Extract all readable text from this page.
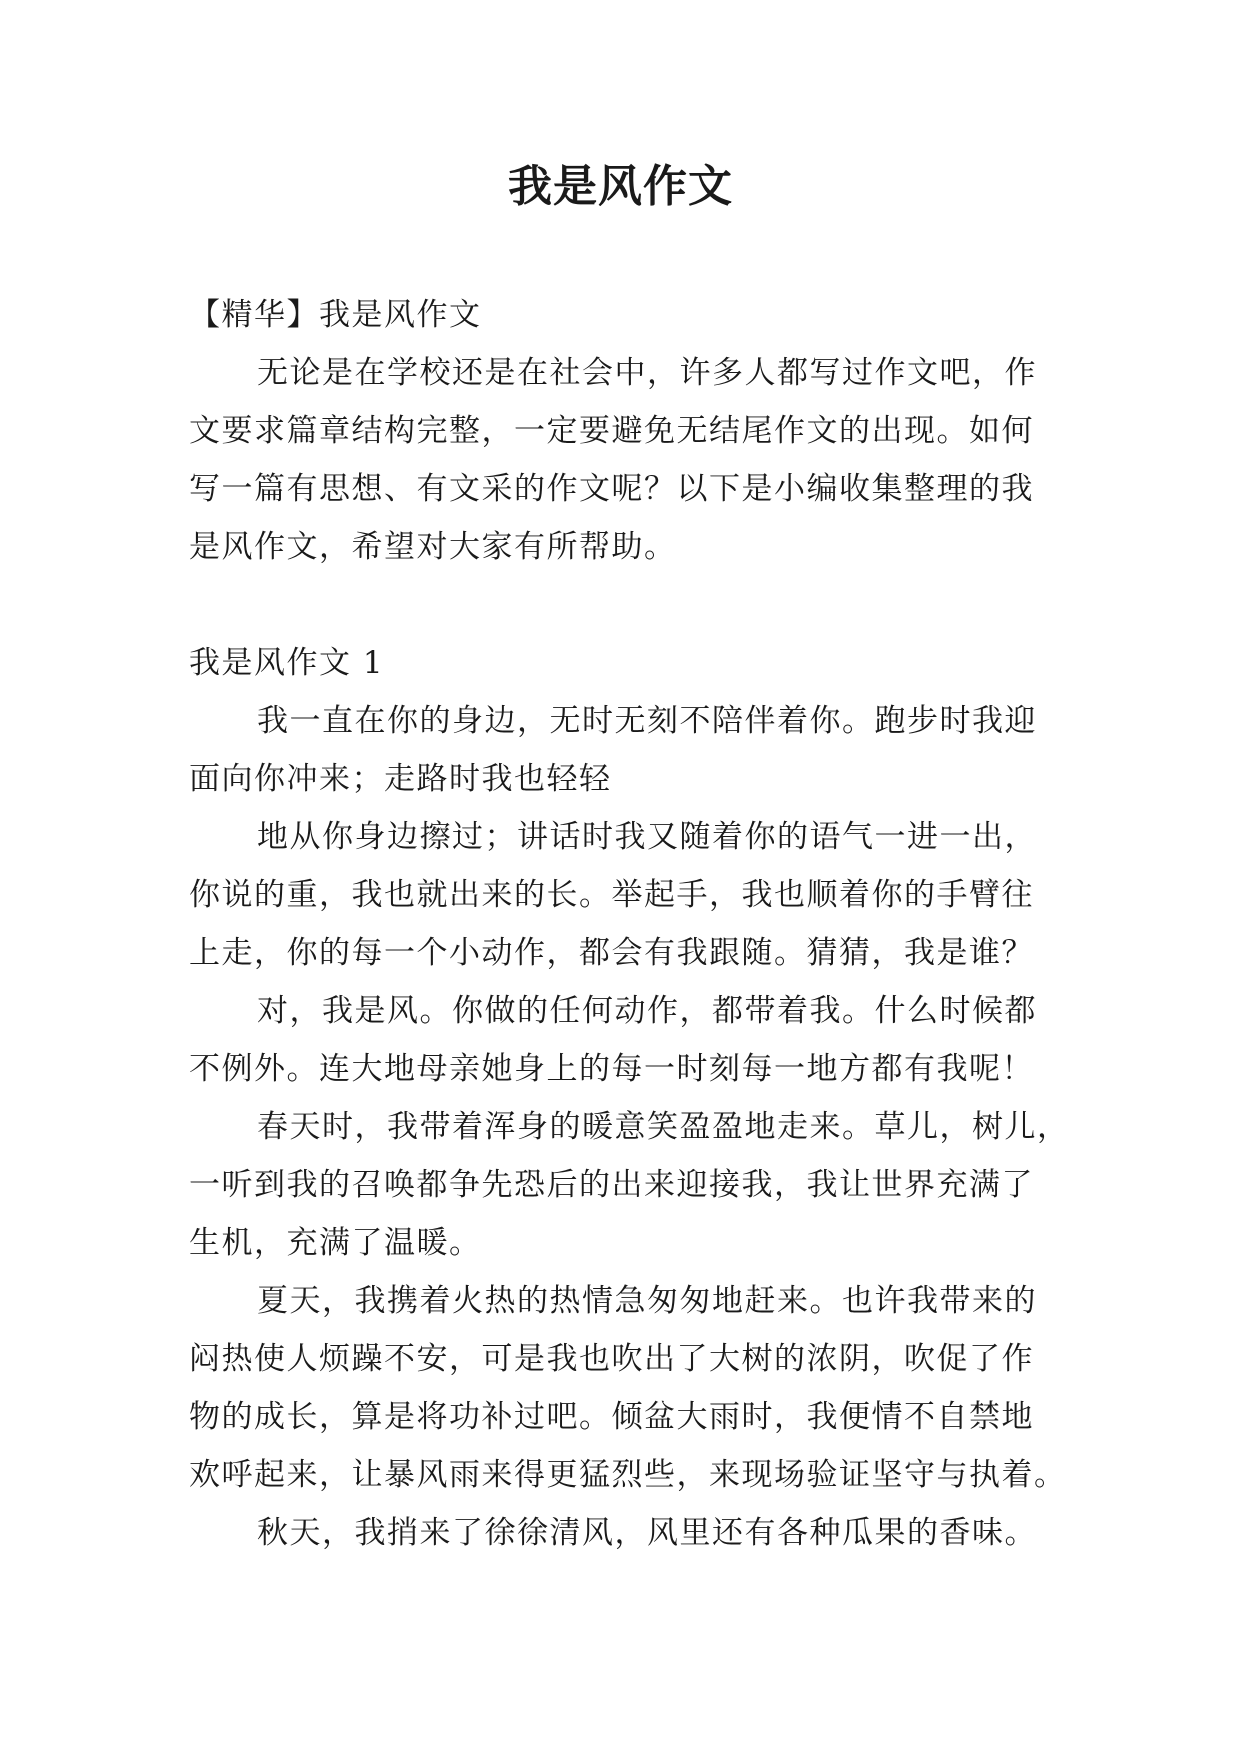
我是风作文

【精华】我是风作文

无论是在学校还是在社会中，许多人都写过作文吧，作

文要求篇章结构完整，一定要避免无结尾作文的出现。如何

写一篇有思想、有文采的作文呢？以下是小编收集整理的我

是风作文，希望对大家有所帮助。

我是风作文 1

我一直在你的身边，无时无刻不陪伴着你。跑步时我迎

面向你冲来；走路时我也轻轻

地从你身边擦过；讲话时我又随着你的语气一进一出，

你说的重，我也就出来的长。举起手，我也顺着你的手臂往

上走，你的每一个小动作，都会有我跟随。猜猜，我是谁？

对，我是风。你做的任何动作，都带着我。什么时候都

不例外。连大地母亲她身上的每一时刻每一地方都有我呢！

春天时，我带着浑身的暖意笑盈盈地走来。草儿，树儿，

一听到我的召唤都争先恐后的出来迎接我，我让世界充满了

生机，充满了温暖。

夏天，我携着火热的热情急匆匆地赶来。也许我带来的

闷热使人烦躁不安，可是我也吹出了大树的浓阴，吹促了作

物的成长，算是将功补过吧。倾盆大雨时，我便情不自禁地

欢呼起来，让暴风雨来得更猛烈些，来现场验证坚守与执着。

秋天，我捎来了徐徐清风，风里还有各种瓜果的香味。
